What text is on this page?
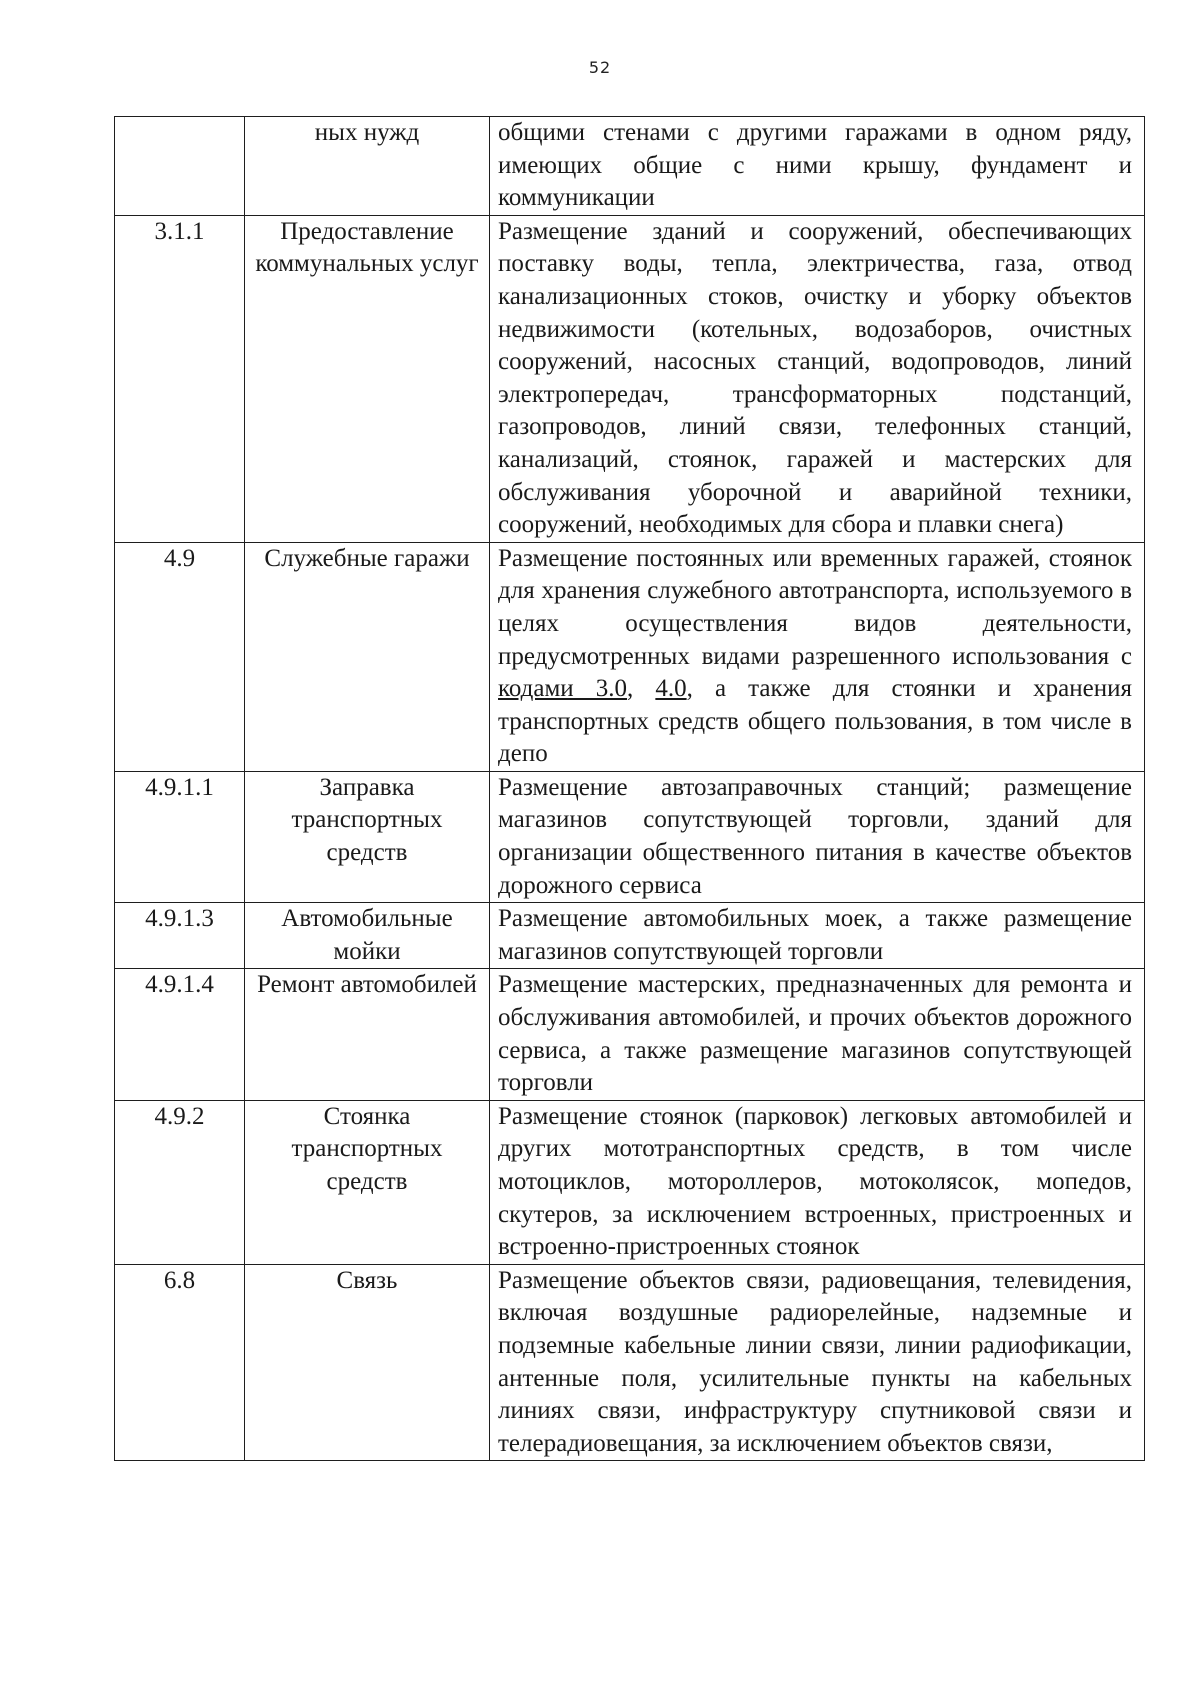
52
	ных нужд	общими стенами с другими гаражами в одном ряду, имеющих общие с ними крышу, фундамент и коммуникации
3.1.1	Предоставление коммунальных услуг	Размещение зданий и сооружений, обеспечивающих поставку воды, тепла, электричества, газа, отвод канализационных стоков, очистку и уборку объектов недвижимости (котельных, водозаборов, очистных сооружений, насосных станций, водопроводов, линий электропередач, трансформаторных подстанций, газопроводов, линий связи, телефонных станций, канализаций, стоянок, гаражей и мастерских для обслуживания уборочной и аварийной техники, сооружений, необходимых для сбора и плавки снега)
4.9	Служебные гаражи	Размещение постоянных или временных гаражей, стоянок для хранения служебного автотранспорта, используемого в целях осуществления видов деятельности, предусмотренных видами разрешенного использования с кодами 3.0, 4.0, а также для стоянки и хранения транспортных средств общего пользования, в том числе в депо
4.9.1.1	Заправка транспортных средств	Размещение автозаправочных станций; размещение магазинов сопутствующей торговли, зданий для организации общественного питания в качестве объектов дорожного сервиса
4.9.1.3	Автомобильные мойки	Размещение автомобильных моек, а также размещение магазинов сопутствующей торговли
4.9.1.4	Ремонт автомобилей	Размещение мастерских, предназначенных для ремонта и обслуживания автомобилей, и прочих объектов дорожного сервиса, а также размещение магазинов сопутствующей торговли
4.9.2	Стоянка транспортных средств	Размещение стоянок (парковок) легковых автомобилей и других мототранспортных средств, в том числе мотоциклов, мотороллеров, мотоколясок, мопедов, скутеров, за исключением встроенных, пристроенных и встроенно-пристроенных стоянок
6.8	Связь	Размещение объектов связи, радиовещания, телевидения, включая воздушные радиорелейные, надземные и подземные кабельные линии связи, линии радиофикации, антенные поля, усилительные пункты на кабельных линиях связи, инфраструктуру спутниковой связи и телерадиовещания, за исключением объектов связи,
